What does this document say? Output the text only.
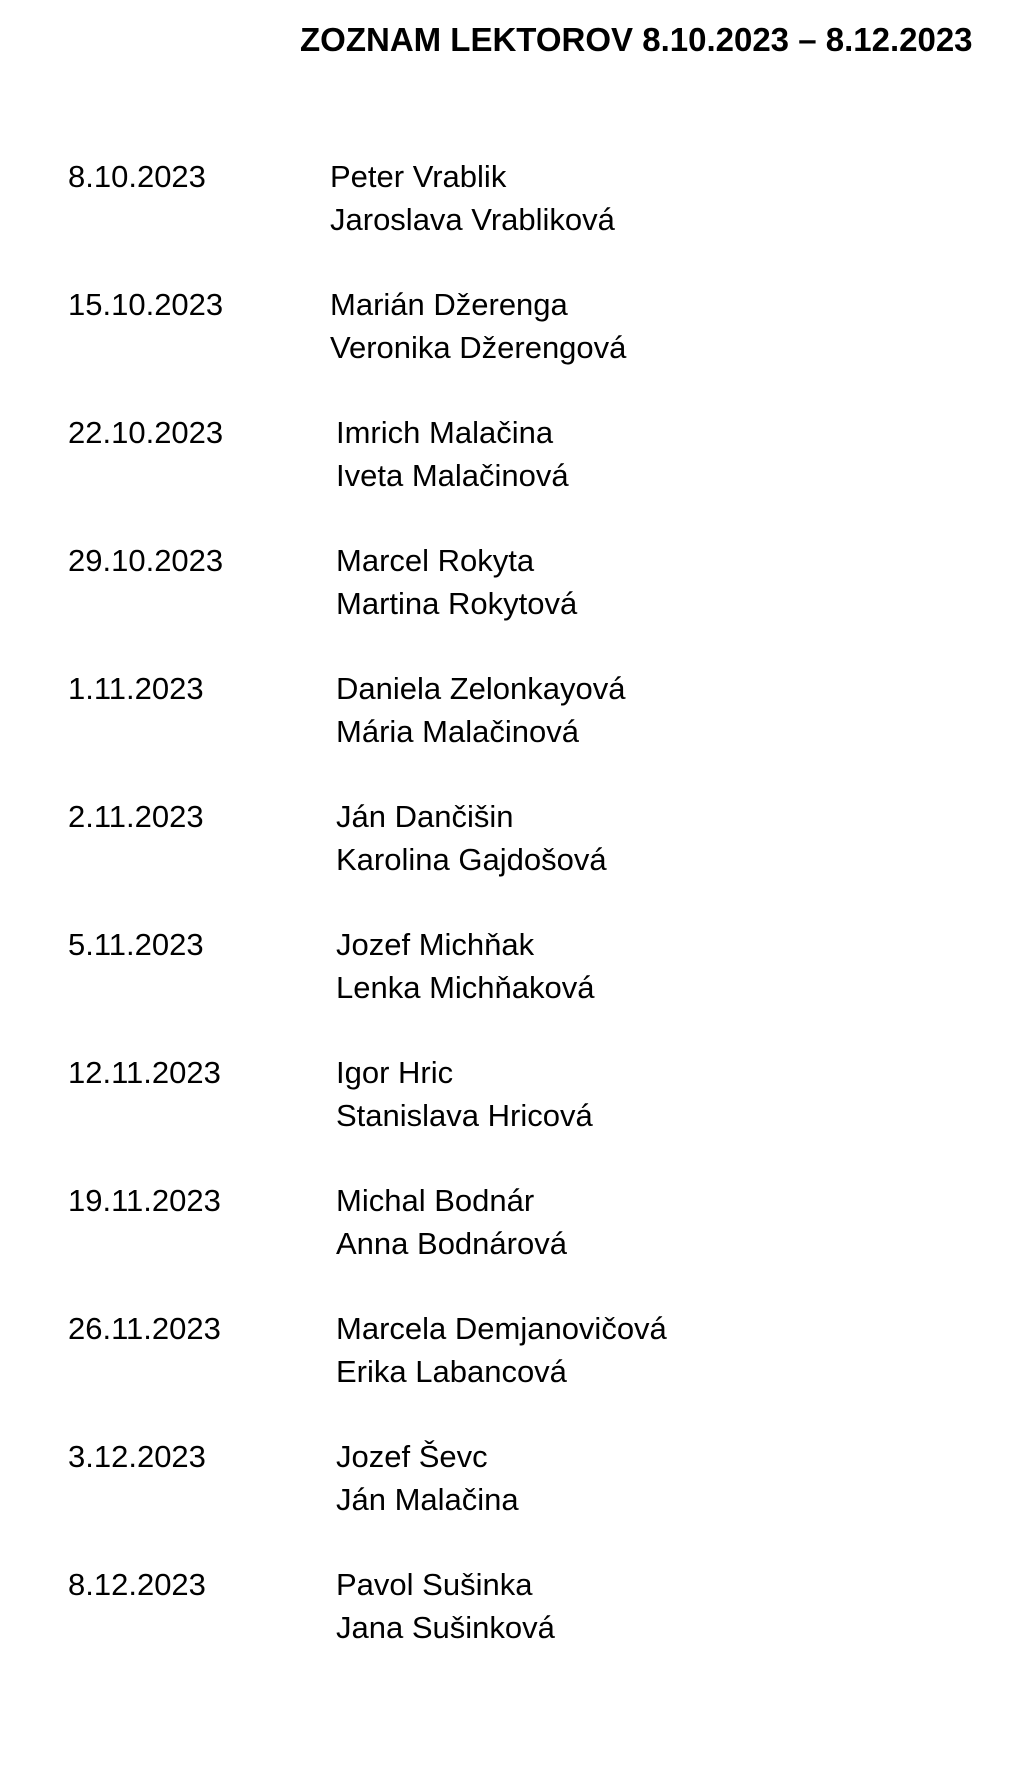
ZOZNAM LEKTOROV 8.10.2023 – 8.12.2023
8.10.2023	Peter Vrablik
Jaroslava Vrabliková
15.10.2023	Marián Džerenga
Veronika Džerengová
22.10.2023	Imrich Malačina
Iveta Malačinová
29.10.2023	Marcel Rokyta
Martina Rokytová
1.11.2023	Daniela Zelonkayová
Mária Malačinová
2.11.2023	Ján Dančišin
Karolina Gajdošová
5.11.2023	Jozef Michňak
Lenka Michňaková
12.11.2023	Igor Hric
Stanislava Hricová
19.11.2023	Michal Bodnár
Anna Bodnárová
26.11.2023	Marcela Demjanovičová
Erika Labancová
3.12.2023	Jozef Ševc
Ján Malačina
8.12.2023	Pavol Sušinka
Jana Sušinková
